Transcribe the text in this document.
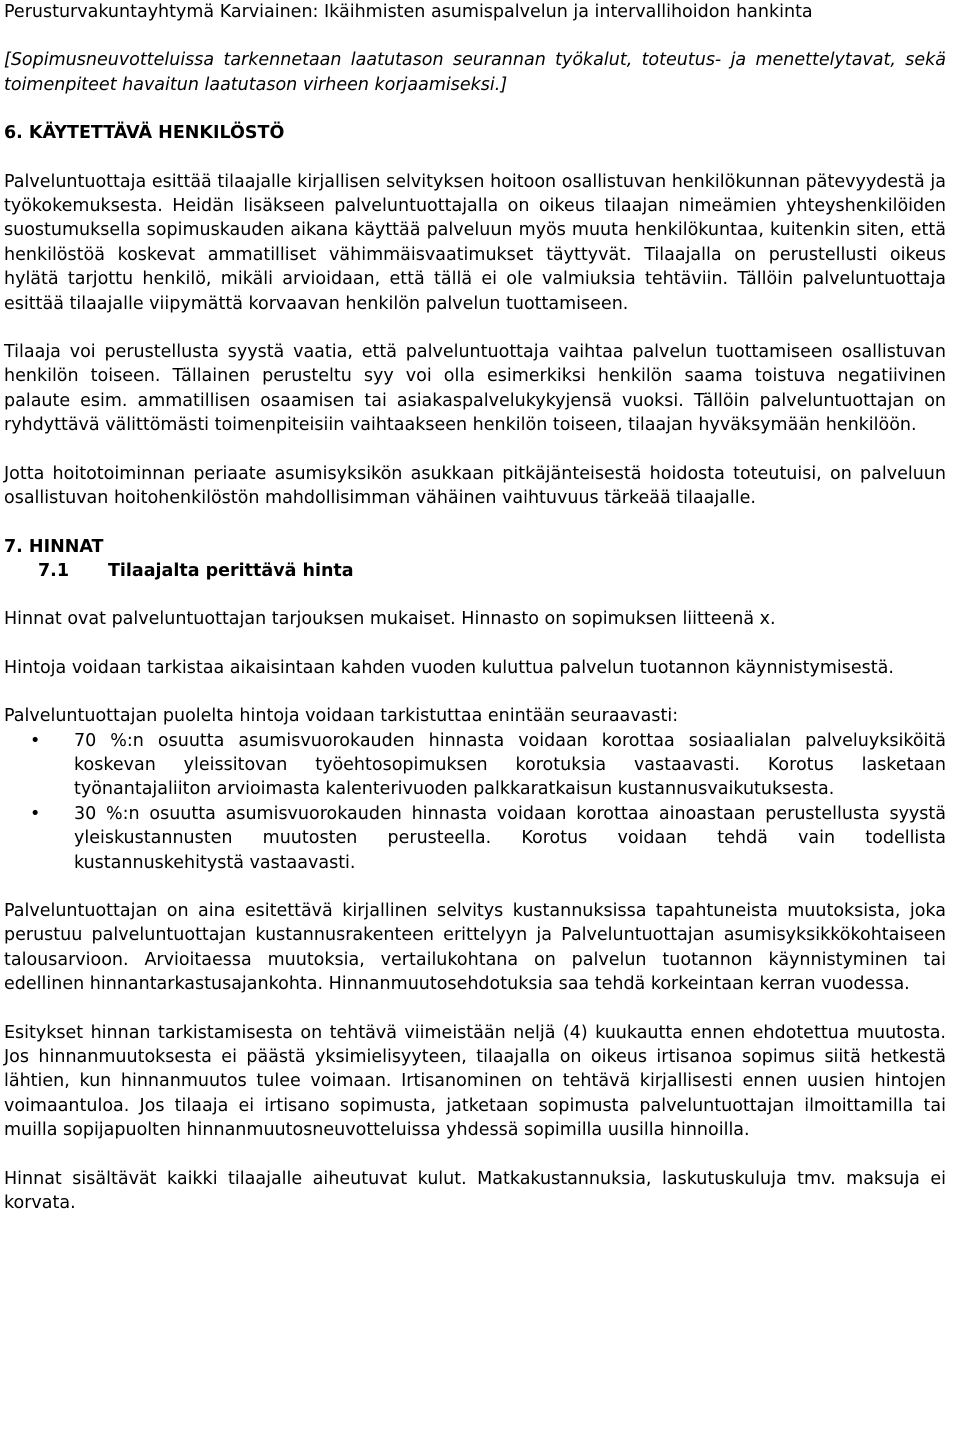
Perusturvakuntayhtymä Karviainen: Ikäihmisten asumispalvelun ja intervallihoidon hankinta

[Sopimusneuvotteluissa tarkennetaan laatutason seurannan työkalut, toteutus- ja menettelytavat, sekä toimenpiteet havaitun laatutason virheen korjaamiseksi.]

6. KÄYTETTÄVÄ HENKILÖSTÖ

Palveluntuottaja esittää tilaajalle kirjallisen selvityksen hoitoon osallistuvan henkilökunnan pätevyydestä ja työkokemuksesta. Heidän lisäkseen palveluntuottajalla on oikeus tilaajan nimeämien yhteyshenkilöiden suostumuksella sopimuskauden aikana käyttää palveluun myös muuta henkilökuntaa, kuitenkin siten, että henkilöstöä koskevat ammatilliset vähimmäisvaatimukset täyttyvät. Tilaajalla on perustellusti oikeus hylätä tarjottu henkilö, mikäli arvioidaan, että tällä ei ole valmiuksia tehtäviin. Tällöin palveluntuottaja esittää tilaajalle viipymättä korvaavan henkilön palvelun tuottamiseen.

Tilaaja voi perustellusta syystä vaatia, että palveluntuottaja vaihtaa palvelun tuottamiseen osallistuvan henkilön toiseen. Tällainen perusteltu syy voi olla esimerkiksi henkilön saama toistuva negatiivinen palaute esim. ammatillisen osaamisen tai asiakaspalvelukykyjensä vuoksi. Tällöin palveluntuottajan on ryhdyttävä välittömästi toimenpiteisiin vaihtaakseen henkilön toiseen, tilaajan hyväksymään henkilöön.

Jotta hoitotoiminnan periaate asumisyksikön asukkaan pitkäjänteisestä hoidosta toteutuisi, on palveluun osallistuvan hoitohenkilöstön mahdollisimman vähäinen vaihtuvuus tärkeää tilaajalle.

7. HINNAT

7.1 Tilaajalta perittävä hinta

Hinnat ovat palveluntuottajan tarjouksen mukaiset. Hinnasto on sopimuksen liitteenä x.

Hintoja voidaan tarkistaa aikaisintaan kahden vuoden kuluttua palvelun tuotannon käynnistymisestä.

Palveluntuottajan puolelta hintoja voidaan tarkistuttaa enintään seuraavasti:

• 70 %:n osuutta asumisvuorokauden hinnasta voidaan korottaa sosiaalialan palveluyksiköitä koskevan yleissitovan työehtosopimuksen korotuksia vastaavasti. Korotus lasketaan työnantajaliiton arvioimasta kalenterivuoden palkkaratkaisun kustannusvaikutuksesta.
• 30 %:n osuutta asumisvuorokauden hinnasta voidaan korottaa ainoastaan perustellusta syystä yleiskustannusten muutosten perusteella. Korotus voidaan tehdä vain todellista kustannuskehitystä vastaavasti.

Palveluntuottajan on aina esitettävä kirjallinen selvitys kustannuksissa tapahtuneista muutoksista, joka perustuu palveluntuottajan kustannusrakenteen erittelyyn ja Palveluntuottajan asumisyksikkökohtaiseen talousarvioon. Arvioitaessa muutoksia, vertailukohtana on palvelun tuotannon käynnistyminen tai edellinen hinnantarkastusajankohta. Hinnanmuutosehdotuksia saa tehdä korkeintaan kerran vuodessa.

Esitykset hinnan tarkistamisesta on tehtävä viimeistään neljä (4) kuukautta ennen ehdotettua muutosta. Jos hinnanmuutoksesta ei päästä yksimielisyyteen, tilaajalla on oikeus irtisanoa sopimus siitä hetkestä lähtien, kun hinnanmuutos tulee voimaan. Irtisanominen on tehtävä kirjallisesti ennen uusien hintojen voimaantuloa. Jos tilaaja ei irtisano sopimusta, jatketaan sopimusta palveluntuottajan ilmoittamilla tai muilla sopijapuolten hinnanmuutosneuvotteluissa yhdessä sopimilla uusilla hinnoilla.

Hinnat sisältävät kaikki tilaajalle aiheutuvat kulut. Matkakustannuksia, laskutuskuluja tmv. maksuja ei korvata.
